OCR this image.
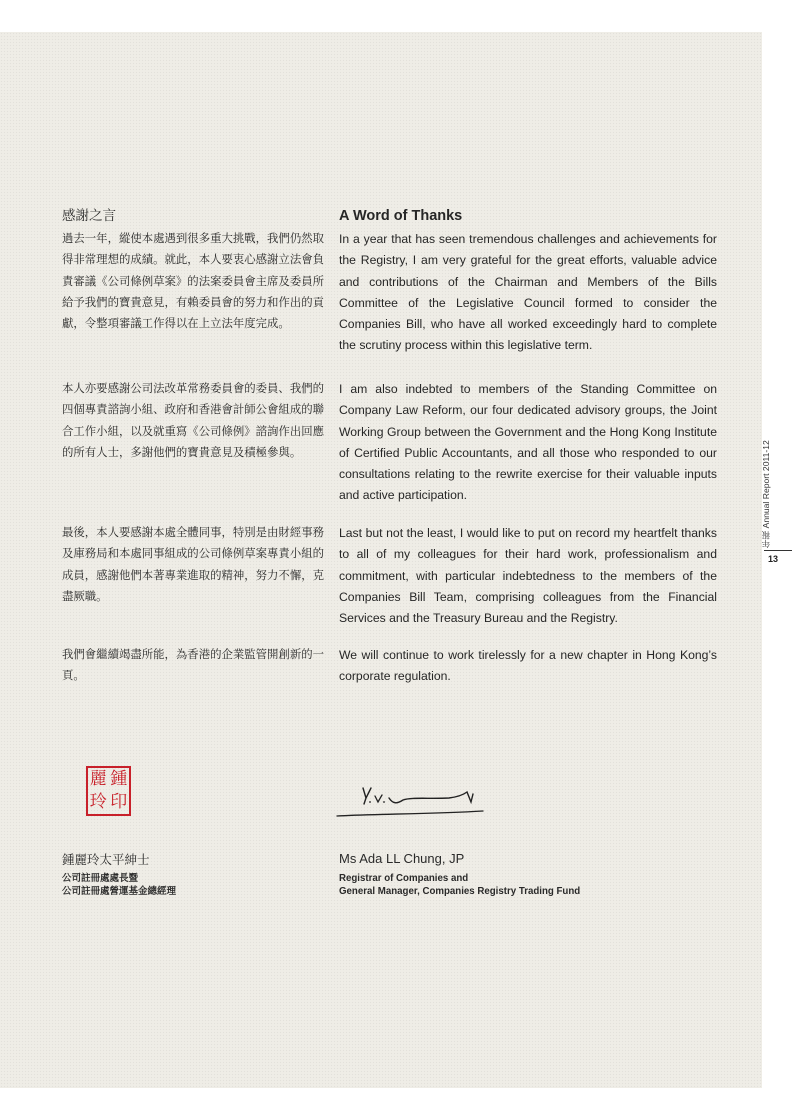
感謝之言

過去一年，縱使本處遇到很多重大挑戰，我們仍然取得非常理想的成績。就此，本人要衷心感謝立法會負責審議《公司條例草案》的法案委員會主席及委員所給予我們的寶貴意見，有賴委員會的努力和作出的貢獻，令整項審議工作得以在上立法年度完成。

本人亦要感謝公司法改革常務委員會的委員、我們的四個專責諮詢小組、政府和香港會計師公會組成的聯合工作小組，以及就重寫《公司條例》諮詢作出回應的所有人士，多謝他們的寶貴意見及積極參與。

最後，本人要感謝本處全體同事，特別是由財經事務及庫務局和本處同事組成的公司條例草案專責小組的成員，感謝他們本著專業進取的精神，努力不懈，克盡厥職。

我們會繼續竭盡所能，為香港的企業監管開創新的一頁。

A Word of Thanks

In a year that has seen tremendous challenges and achievements for the Registry, I am very grateful for the great efforts, valuable advice and contributions of the Chairman and Members of the Bills Committee of the Legislative Council formed to consider the Companies Bill, who have all worked exceedingly hard to complete the scrutiny process within this legislative term.

I am also indebted to members of the Standing Committee on Company Law Reform, our four dedicated advisory groups, the Joint Working Group between the Government and the Hong Kong Institute of Certified Public Accountants, and all those who responded to our consultations relating to the rewrite exercise for their valuable inputs and active participation.

Last but not the least, I would like to put on record my heartfelt thanks to all of my colleagues for their hard work, professionalism and commitment, with particular indebtedness to the members of the Companies Bill Team, comprising colleagues from the Financial Services and the Treasury Bureau and the Registry.

We will continue to work tirelessly for a new chapter in Hong Kong’s corporate regulation.

麗 鍾
玲 印
鍾麗玲太平紳士
公司註冊處處長暨
公司註冊處營運基金總經理
Ms Ada LL Chung, JP
Registrar of Companies and
General Manager, Companies Registry Trading Fund
年報 Annual Report 2011-12
13
